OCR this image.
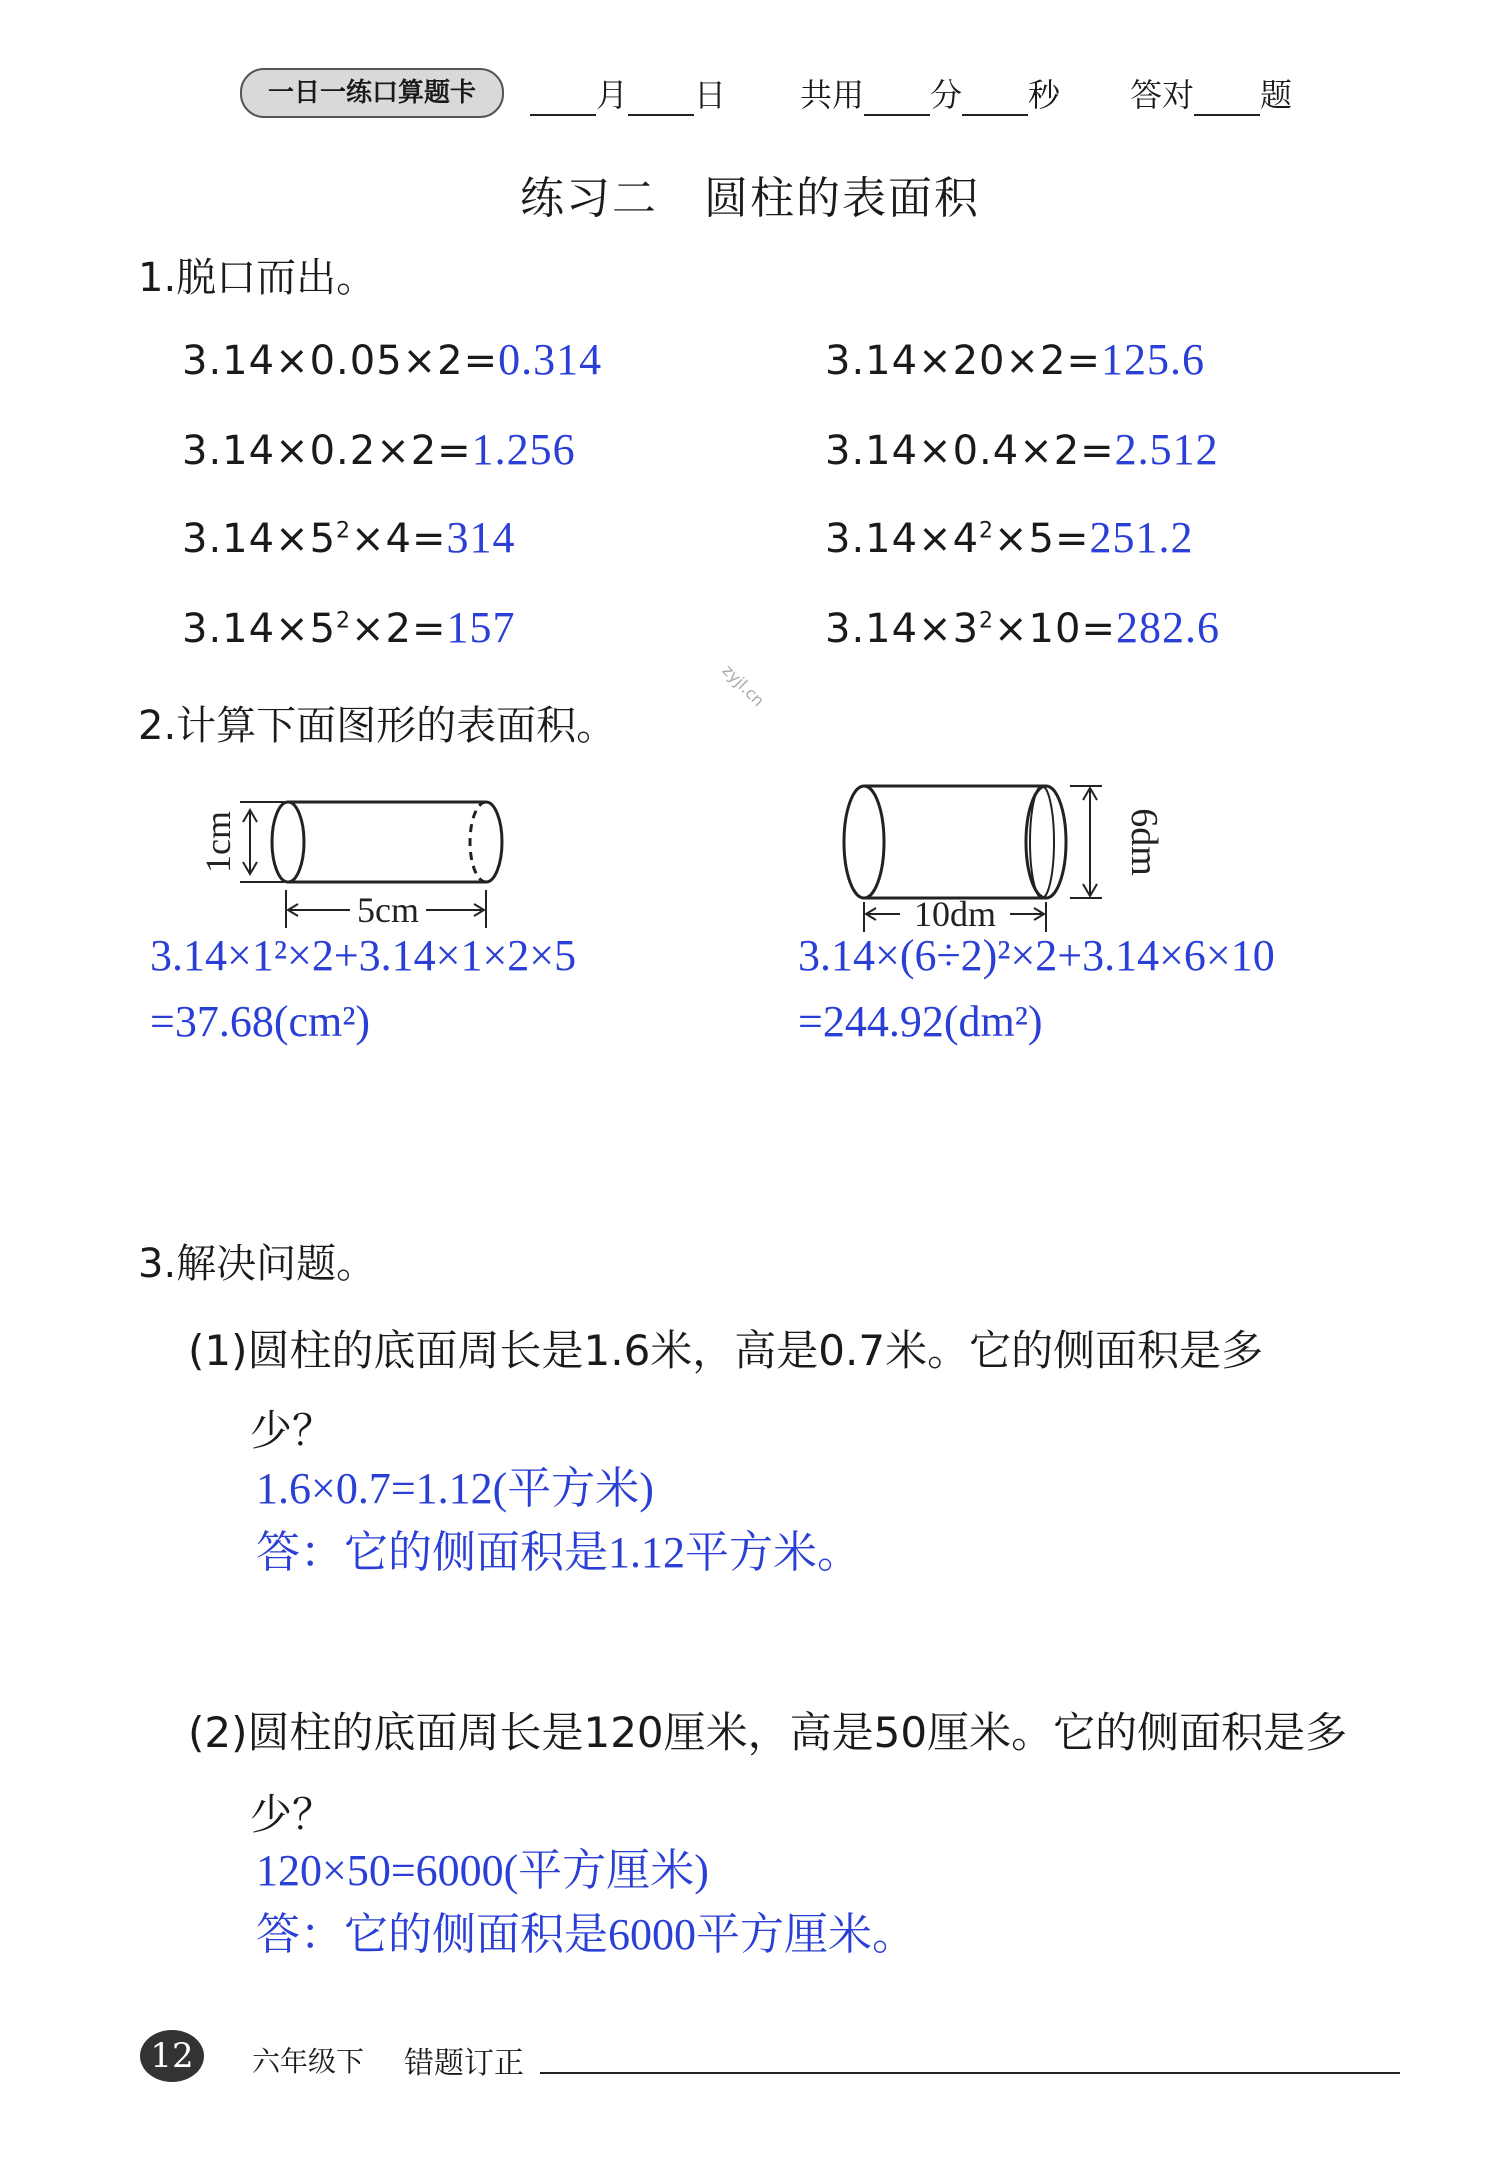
一日一练口算题卡	月 日 共用 分 秒 答对 题
练习二　圆柱的表面积
1.脱口而出。
3.14×0.05×2=0.314	3.14×20×2=125.6
3.14×0.2×2=1.256	3.14×0.4×2=2.512
$3.14\times 5^2\times 4=314$	$3.14\times 4^2\times 5=251.2$
$3.14\times 5^2\times 2=157$	$3.14\times 3^2\times 10=282.6$
zyjl.cn
2.计算下面图形的表面积。
5cm
1cm	6dm
10dm
3.14×1²×2+3.14×1×2×5
=37.68(cm²)
3.14×(6÷2)²×2+3.14×6×10
=244.92(dm²)
3.解决问题。
(1)圆柱的底面周长是1.6米，高是0.7米。它的侧面积是多
少？
1.6×0.7=1.12(平方米)
答：它的侧面积是1.12平方米。
(2)圆柱的底面周长是120厘米，高是50厘米。它的侧面积是多
少？
120×50=6000(平方厘米)
答：它的侧面积是6000平方厘米。
12	六年级下 错题订正
